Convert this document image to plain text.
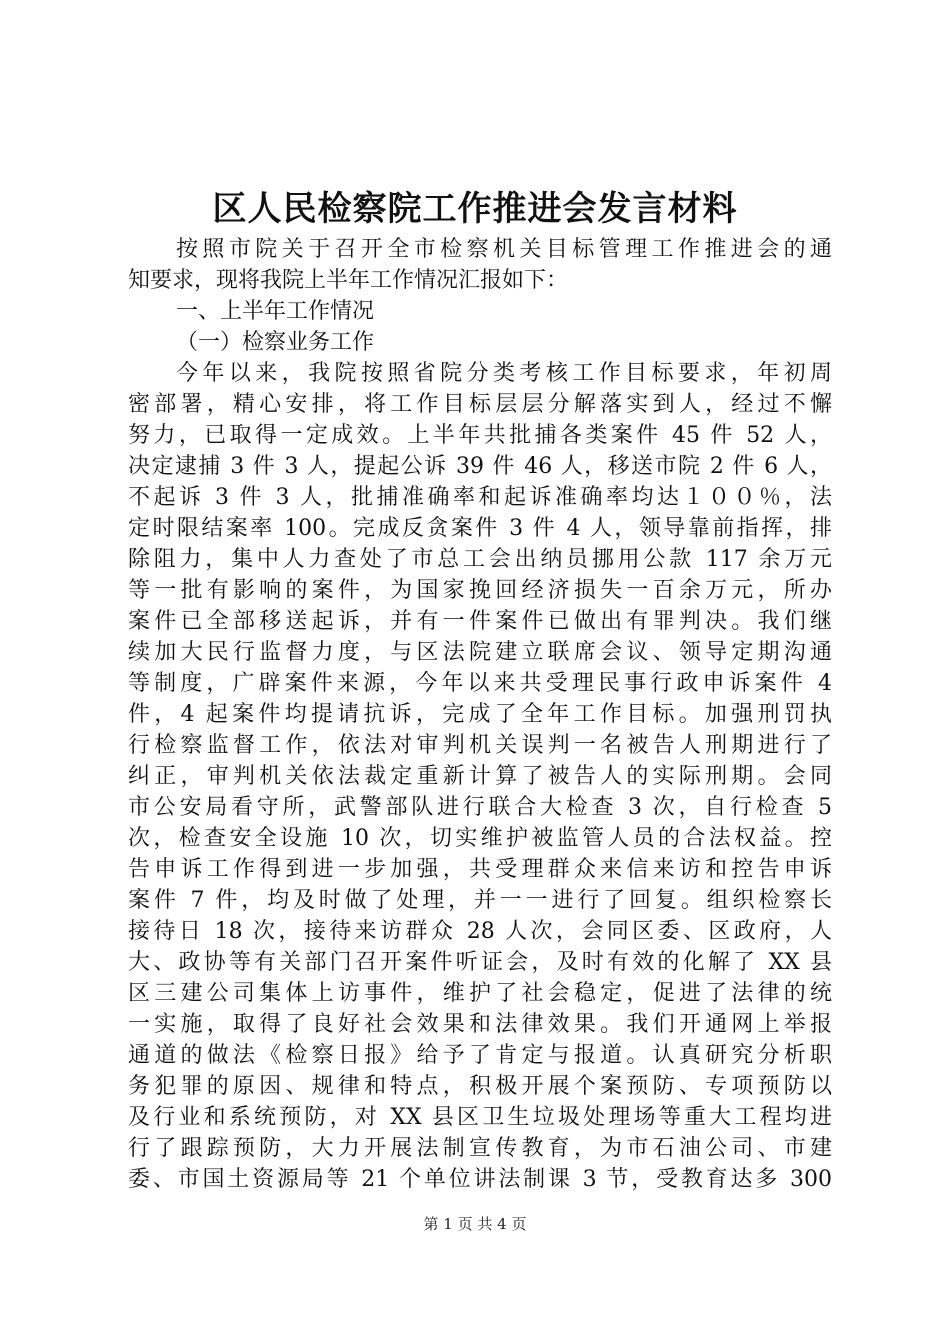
区人民检察院工作推进会发言材料
按照市院关于召开全市检察机关目标管理工作推进会的通
知要求，现将我院上半年工作情况汇报如下：
一、上半年工作情况
（一）检察业务工作
今年以来，我院按照省院分类考核工作目标要求，年初周
密部署，精心安排，将工作目标层层分解落实到人，经过不懈
努力，已取得一定成效。上半年共批捕各类案件 45 件 52 人，
决定逮捕 3 件 3 人，提起公诉 39 件 46 人，移送市院 2 件 6 人，
不起诉 3 件 3 人，批捕准确率和起诉准确率均达１００％，法
定时限结案率 100。完成反贪案件 3 件 4 人，领导靠前指挥，排
除阻力，集中人力查处了市总工会出纳员挪用公款 117 余万元
等一批有影响的案件，为国家挽回经济损失一百余万元，所办
案件已全部移送起诉，并有一件案件已做出有罪判决。我们继
续加大民行监督力度，与区法院建立联席会议、领导定期沟通
等制度，广辟案件来源，今年以来共受理民事行政申诉案件 4
件，4 起案件均提请抗诉，完成了全年工作目标。加强刑罚执
行检察监督工作，依法对审判机关误判一名被告人刑期进行了
纠正，审判机关依法裁定重新计算了被告人的实际刑期。会同
市公安局看守所，武警部队进行联合大检查 3 次，自行检查 5
次，检查安全设施 10 次，切实维护被监管人员的合法权益。控
告申诉工作得到进一步加强，共受理群众来信来访和控告申诉
案件 7 件，均及时做了处理，并一一进行了回复。组织检察长
接待日 18 次，接待来访群众 28 人次，会同区委、区政府，人
大、政协等有关部门召开案件听证会，及时有效的化解了 XX 县
区三建公司集体上访事件，维护了社会稳定，促进了法律的统
一实施，取得了良好社会效果和法律效果。我们开通网上举报
通道的做法《检察日报》给予了肯定与报道。认真研究分析职
务犯罪的原因、规律和特点，积极开展个案预防、专项预防以
及行业和系统预防，对 XX 县区卫生垃圾处理场等重大工程均进
行了跟踪预防，大力开展法制宣传教育，为市石油公司、市建
委、市国土资源局等 21 个单位讲法制课 3 节，受教育达多 300
第 1 页 共 4 页
